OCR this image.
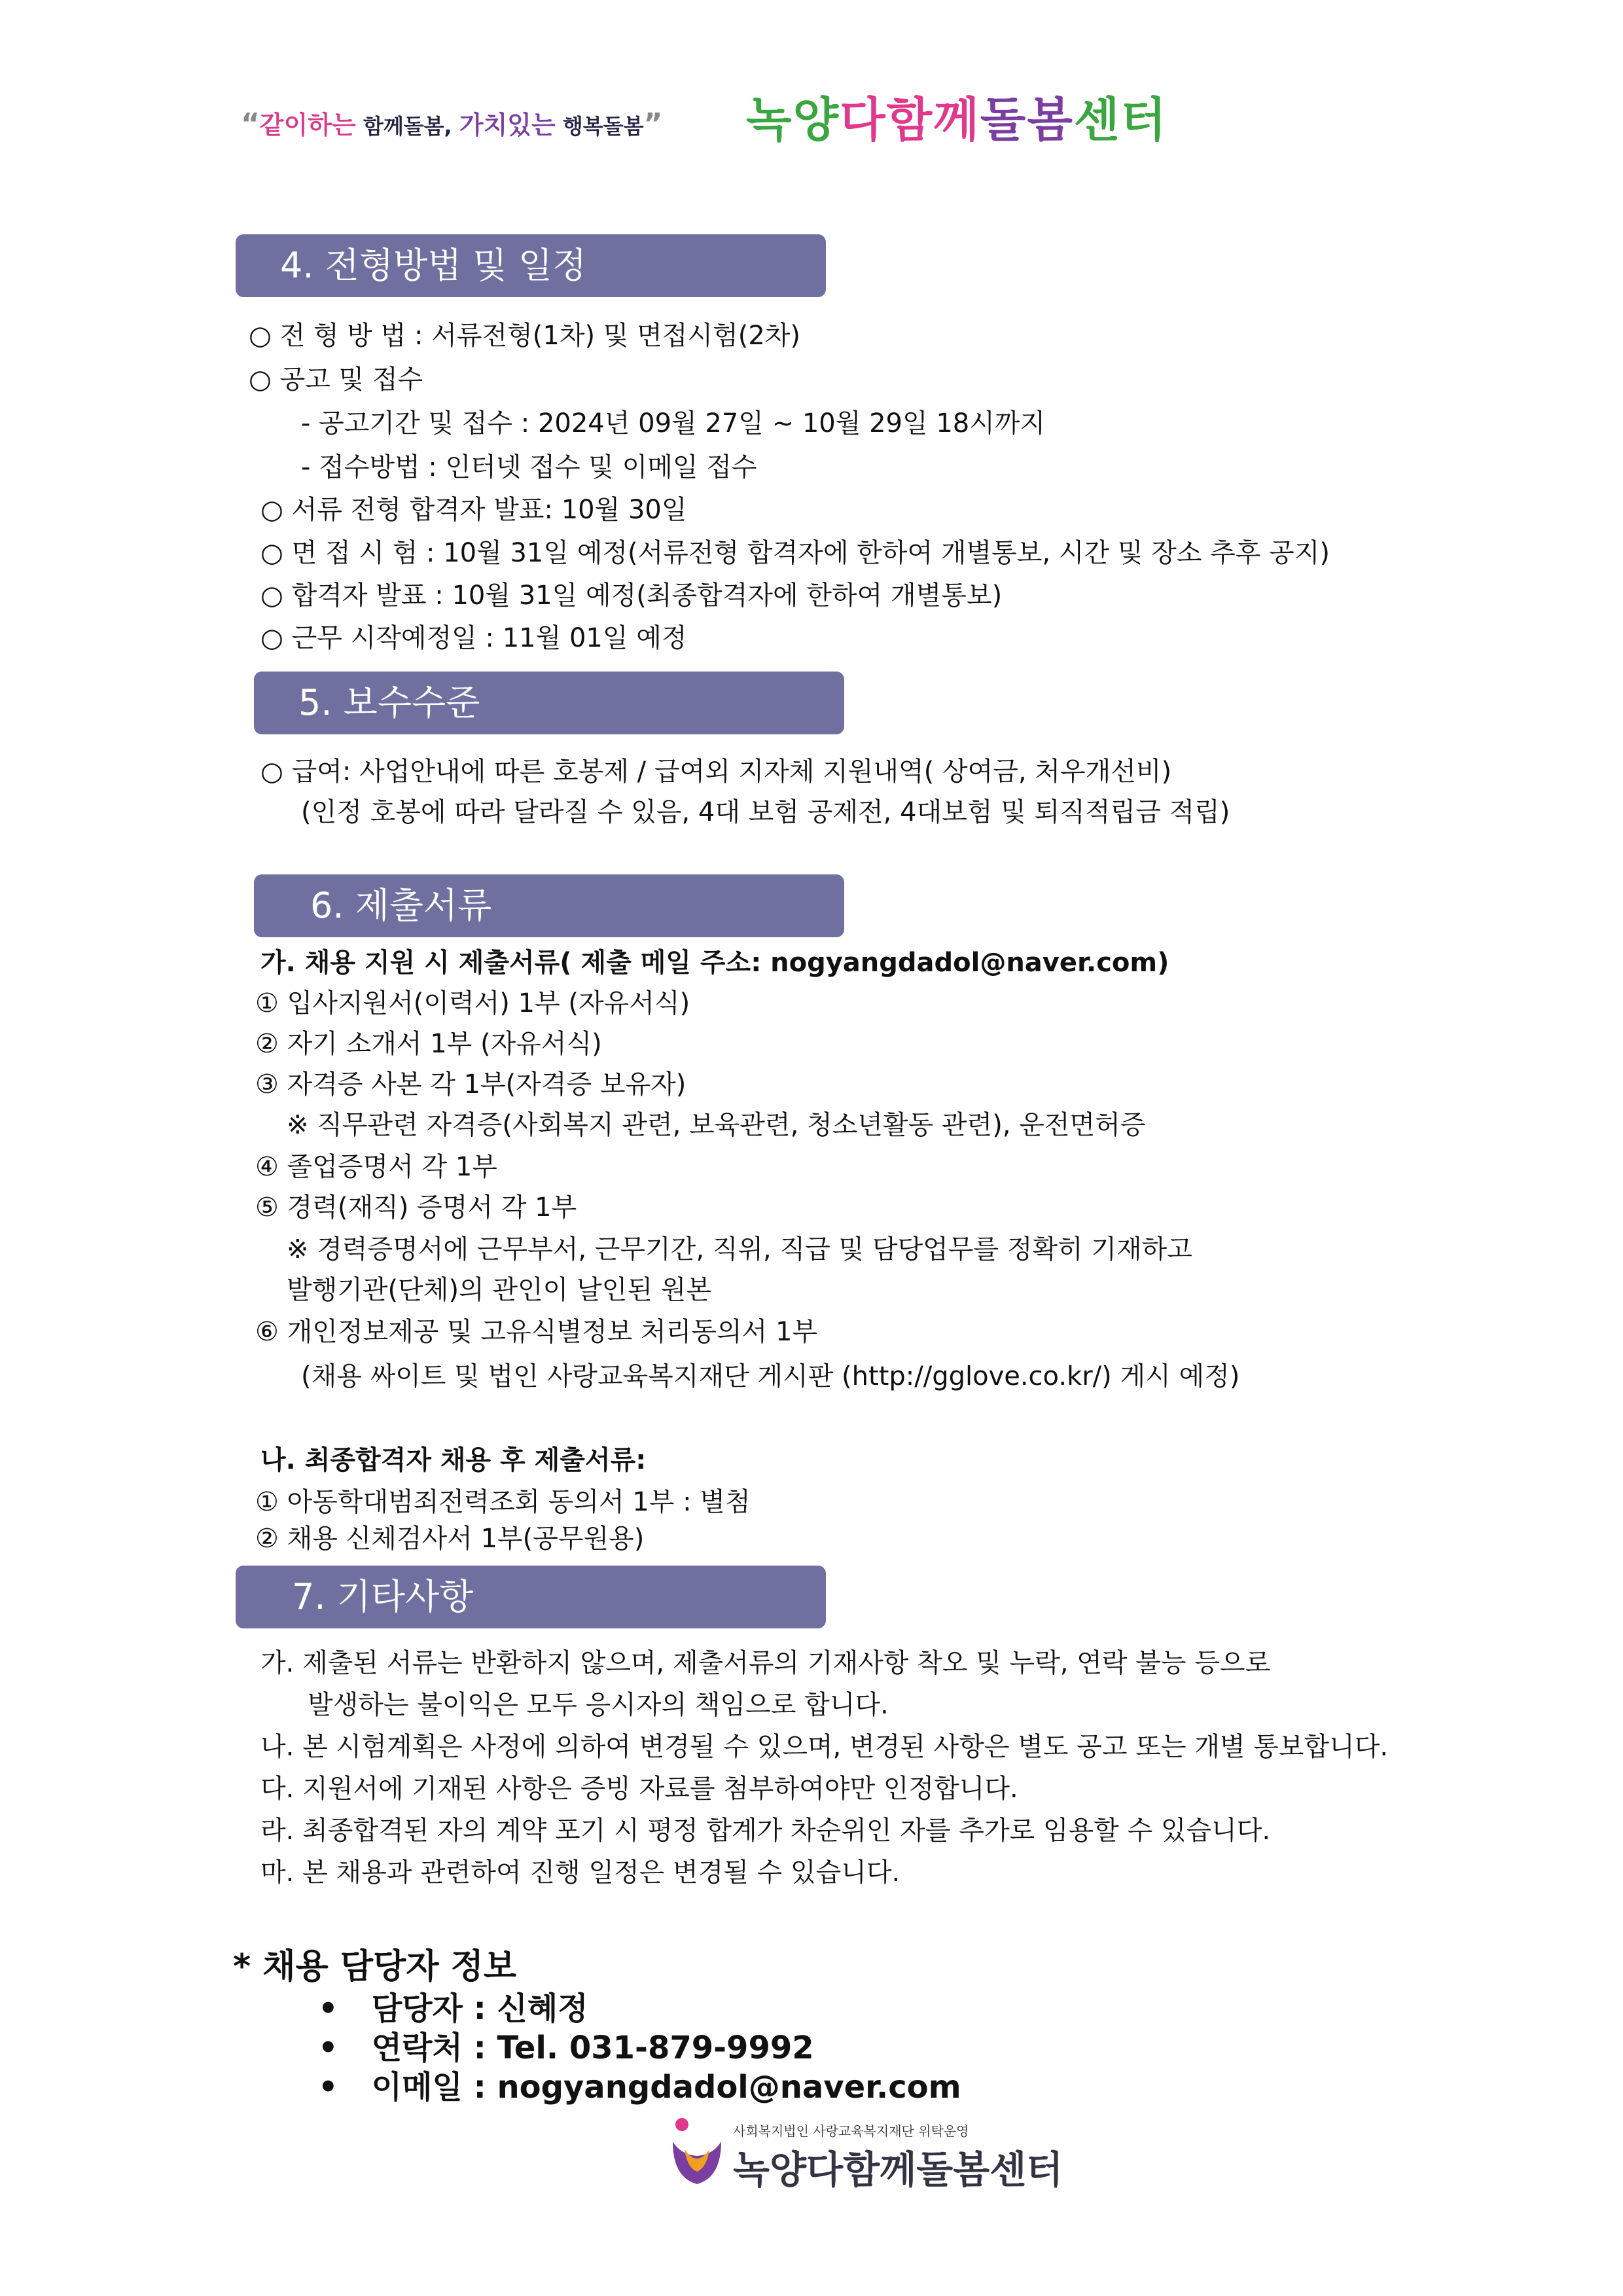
“같이하는 함께돌봄, 가치있는 행복돌봄” 녹양다함께돌봄센터
4. 전형방법 및 일정
○ 전 형 방 법 : 서류전형(1차) 및 면접시험(2차)
○ 공고 및 접수
- 공고기간 및 접수 : 2024년 09월 27일 ~ 10월 29일 18시까지
- 접수방법 : 인터넷 접수 및 이메일 접수
○ 서류 전형 합격자 발표: 10월 30일
○ 면 접 시 험 : 10월 31일 예정(서류전형 합격자에 한하여 개별통보, 시간 및 장소 추후 공지)
○ 합격자 발표 : 10월 31일 예정(최종합격자에 한하여 개별통보)
○ 근무 시작예정일 : 11월 01일 예정
5. 보수수준
○ 급여: 사업안내에 따른 호봉제 / 급여외 지자체 지원내역( 상여금, 처우개선비)
(인정 호봉에 따라 달라질 수 있음, 4대 보험 공제전, 4대보험 및 퇴직적립금 적립)
6. 제출서류
가. 채용 지원 시 제출서류( 제출 메일 주소: nogyangdadol@naver.com)
① 입사지원서(이력서) 1부 (자유서식)
② 자기 소개서 1부 (자유서식)
③ 자격증 사본 각 1부(자격증 보유자)
※ 직무관련 자격증(사회복지 관련, 보육관련, 청소년활동 관련), 운전면허증
④ 졸업증명서 각 1부
⑤ 경력(재직) 증명서 각 1부
※ 경력증명서에 근무부서, 근무기간, 직위, 직급 및 담당업무를 정확히 기재하고
발행기관(단체)의 관인이 날인된 원본
⑥ 개인정보제공 및 고유식별정보 처리동의서 1부
(채용 싸이트 및 법인 사랑교육복지재단 게시판 (http://gglove.co.kr/) 게시 예정)
나. 최종합격자 채용 후 제출서류:
① 아동학대범죄전력조회 동의서 1부 : 별첨
② 채용 신체검사서 1부(공무원용)
7. 기타사항
가. 제출된 서류는 반환하지 않으며, 제출서류의 기재사항 착오 및 누락, 연락 불능 등으로
발생하는 불이익은 모두 응시자의 책임으로 합니다.
나. 본 시험계획은 사정에 의하여 변경될 수 있으며, 변경된 사항은 별도 공고 또는 개별 통보합니다.
다. 지원서에 기재된 사항은 증빙 자료를 첨부하여야만 인정합니다.
라. 최종합격된 자의 계약 포기 시 평정 합계가 차순위인 자를 추가로 임용할 수 있습니다.
마. 본 채용과 관련하여 진행 일정은 변경될 수 있습니다.
* 채용 담당자 정보
• 담당자 : 신혜정
• 연락처 : Tel. 031-879-9992
• 이메일 : nogyangdadol@naver.com
사회복지법인 사랑교육복지재단 위탁운영
녹양다함께돌봄센터
